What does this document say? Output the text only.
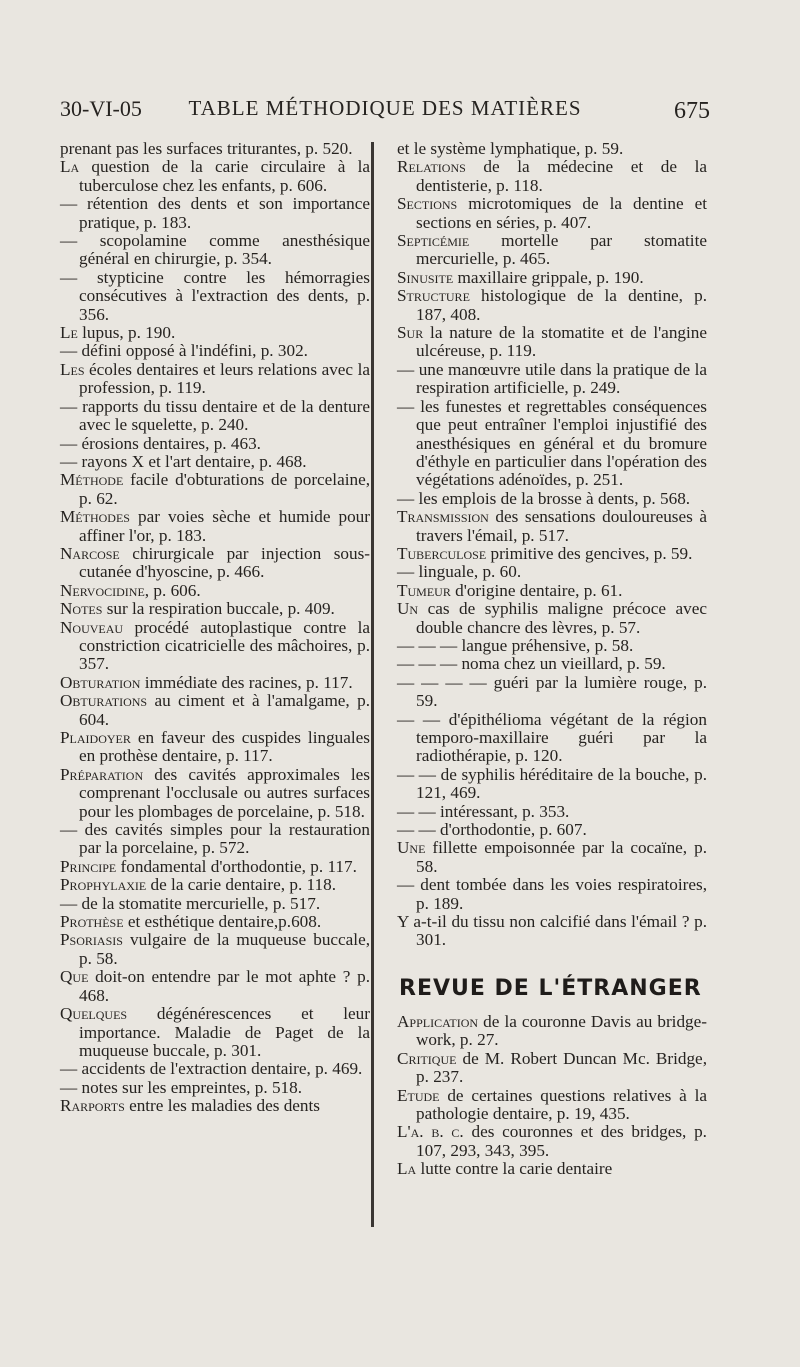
30-VI-05	TABLE MÉTHODIQUE DES MATIÈRES	675

prenant pas les surfaces triturantes, p. 520.

La question de la carie circulaire à la tuberculose chez les enfants, p. 606.

— rétention des dents et son importance pratique, p. 183.

— scopolamine comme anesthésique général en chirurgie, p. 354.

— stypticine contre les hémorragies consécutives à l'extraction des dents, p. 356.

Le lupus, p. 190.

— défini opposé à l'indéfini, p. 302.

Les écoles dentaires et leurs relations avec la profession, p. 119.

— rapports du tissu dentaire et de la denture avec le squelette, p. 240.

— érosions dentaires, p. 463.

— rayons X et l'art dentaire, p. 468.

Méthode facile d'obturations de porcelaine, p. 62.

Méthodes par voies sèche et humide pour affiner l'or, p. 183.

Narcose chirurgicale par injection sous-cutanée d'hyoscine, p. 466.

Nervocidine, p. 606.

Notes sur la respiration buccale, p. 409.

Nouveau procédé autoplastique contre la constriction cicatricielle des mâchoires, p. 357.

Obturation immédiate des racines, p. 117.

Obturations au ciment et à l'amalgame, p. 604.

Plaidoyer en faveur des cuspides linguales en prothèse dentaire, p. 117.

Préparation des cavités approximales les comprenant l'occlusale ou autres surfaces pour les plombages de porcelaine, p. 518.

— des cavités simples pour la restauration par la porcelaine, p. 572.

Principe fondamental d'orthodontie, p. 117.

Prophylaxie de la carie dentaire, p. 118.

— de la stomatite mercurielle, p. 517.

Prothèse et esthétique dentaire,p.608.

Psoriasis vulgaire de la muqueuse buccale, p. 58.

Que doit-on entendre par le mot aphte ? p. 468.

Quelques dégénérescences et leur importance. Maladie de Paget de la muqueuse buccale, p. 301.

— accidents de l'extraction dentaire, p. 469.

— notes sur les empreintes, p. 518.

Rarports entre les maladies des dents

et le système lymphatique, p. 59.

Relations de la médecine et de la dentisterie, p. 118.

Sections microtomiques de la dentine et sections en séries, p. 407.

Septicémie mortelle par stomatite mercurielle, p. 465.

Sinusite maxillaire grippale, p. 190.

Structure histologique de la dentine, p. 187, 408.

Sur la nature de la stomatite et de l'angine ulcéreuse, p. 119.

— une manœuvre utile dans la pratique de la respiration artificielle, p. 249.

— les funestes et regrettables conséquences que peut entraîner l'emploi injustifié des anesthésiques en général et du bromure d'éthyle en particulier dans l'opération des végétations adénoïdes, p. 251.

— les emplois de la brosse à dents, p. 568.

Transmission des sensations douloureuses à travers l'émail, p. 517.

Tuberculose primitive des gencives, p. 59.

— linguale, p. 60.

Tumeur d'origine dentaire, p. 61.

Un cas de syphilis maligne précoce avec double chancre des lèvres, p. 57.

— — — langue préhensive, p. 58.

— — — noma chez un vieillard, p. 59.

— — — — guéri par la lumière rouge, p. 59.

— — d'épithélioma végétant de la région temporo-maxillaire guéri par la radiothérapie, p. 120.

— — de syphilis héréditaire de la bouche, p. 121, 469.

— — intéressant, p. 353.

— — d'orthodontie, p. 607.

Une fillette empoisonnée par la cocaïne, p. 58.

— dent tombée dans les voies respiratoires, p. 189.

Y a-t-il du tissu non calcifié dans l'émail ? p. 301.

REVUE DE L'ÉTRANGER

Application de la couronne Davis au bridge-work, p. 27.

Critique de M. Robert Duncan Mc. Bridge, p. 237.

Etude de certaines questions relatives à la pathologie dentaire, p. 19, 435.

L'a. b. c. des couronnes et des bridges, p. 107, 293, 343, 395.

La lutte contre la carie dentaire
